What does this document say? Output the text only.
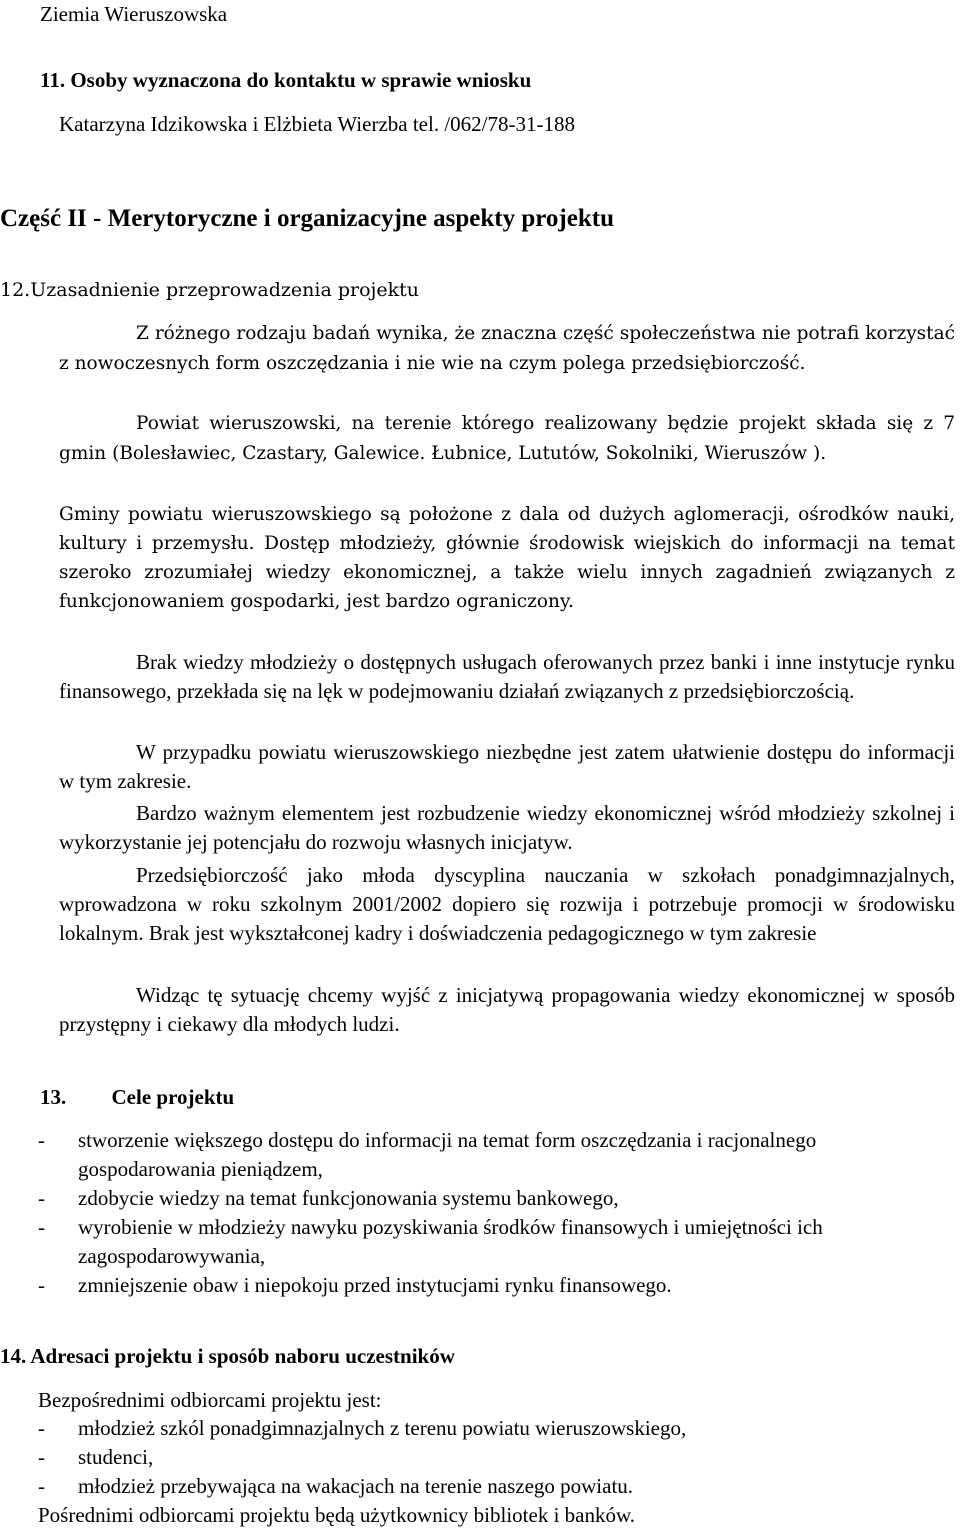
Ziemia Wieruszowska
11. Osoby wyznaczona do kontaktu w sprawie wniosku
Katarzyna Idzikowska i Elżbieta Wierzba tel. /062/78-31-188
Część II - Merytoryczne i organizacyjne aspekty projektu
12.Uzasadnienie przeprowadzenia projektu

Z różnego rodzaju badań wynika, że znaczna część społeczeństwa nie potrafi korzystać z nowoczesnych form oszczędzania i nie wie na czym polega przedsiębiorczość.

Powiat wieruszowski, na terenie którego realizowany będzie projekt składa się z 7 gmin (Bolesławiec, Czastary, Galewice. Łubnice, Lututów, Sokolniki, Wieruszów ).

Gminy powiatu wieruszowskiego są położone z dala od dużych aglomeracji, ośrodków nauki, kultury i przemysłu. Dostęp młodzieży, głównie środowisk wiejskich do informacji na temat szeroko zrozumiałej wiedzy ekonomicznej, a także wielu innych zagadnień związanych z funkcjonowaniem gospodarki, jest bardzo ograniczony.

Brak wiedzy młodzieży o dostępnych usługach oferowanych przez banki i inne instytucje rynku finansowego, przekłada się na lęk w podejmowaniu działań związanych z przedsiębiorczością.

W przypadku powiatu wieruszowskiego niezbędne jest zatem ułatwienie dostępu do informacji w tym zakresie.

Bardzo ważnym elementem jest rozbudzenie wiedzy ekonomicznej wśród młodzieży szkolnej i wykorzystanie jej potencjału do rozwoju własnych inicjatyw.

Przedsiębiorczość jako młoda dyscyplina nauczania w szkołach ponadgimnazjalnych, wprowadzona w roku szkolnym 2001/2002 dopiero się rozwija i potrzebuje promocji w środowisku lokalnym. Brak jest wykształconej kadry i doświadczenia pedagogicznego w tym zakresie

Widząc tę sytuację chcemy wyjść z inicjatywą propagowania wiedzy ekonomicznej w sposób przystępny i ciekawy dla młodych ludzi.

13. Cele projektu
- stworzenie większego dostępu do informacji na temat form oszczędzania i racjonalnego gospodarowania pieniądzem,
- zdobycie wiedzy na temat funkcjonowania systemu bankowego,
- wyrobienie w młodzieży nawyku pozyskiwania środków finansowych i umiejętności ich zagospodarowywania,
- zmniejszenie obaw i niepokoju przed instytucjami rynku finansowego.
14. Adresaci projektu i sposób naboru uczestników
Bezpośrednimi odbiorcami projektu jest:
- młodzież szkól ponadgimnazjalnych z terenu powiatu wieruszowskiego,
- studenci,
- młodzież przebywająca na wakacjach na terenie naszego powiatu.
Pośrednimi odbiorcami projektu będą użytkownicy bibliotek i banków.
